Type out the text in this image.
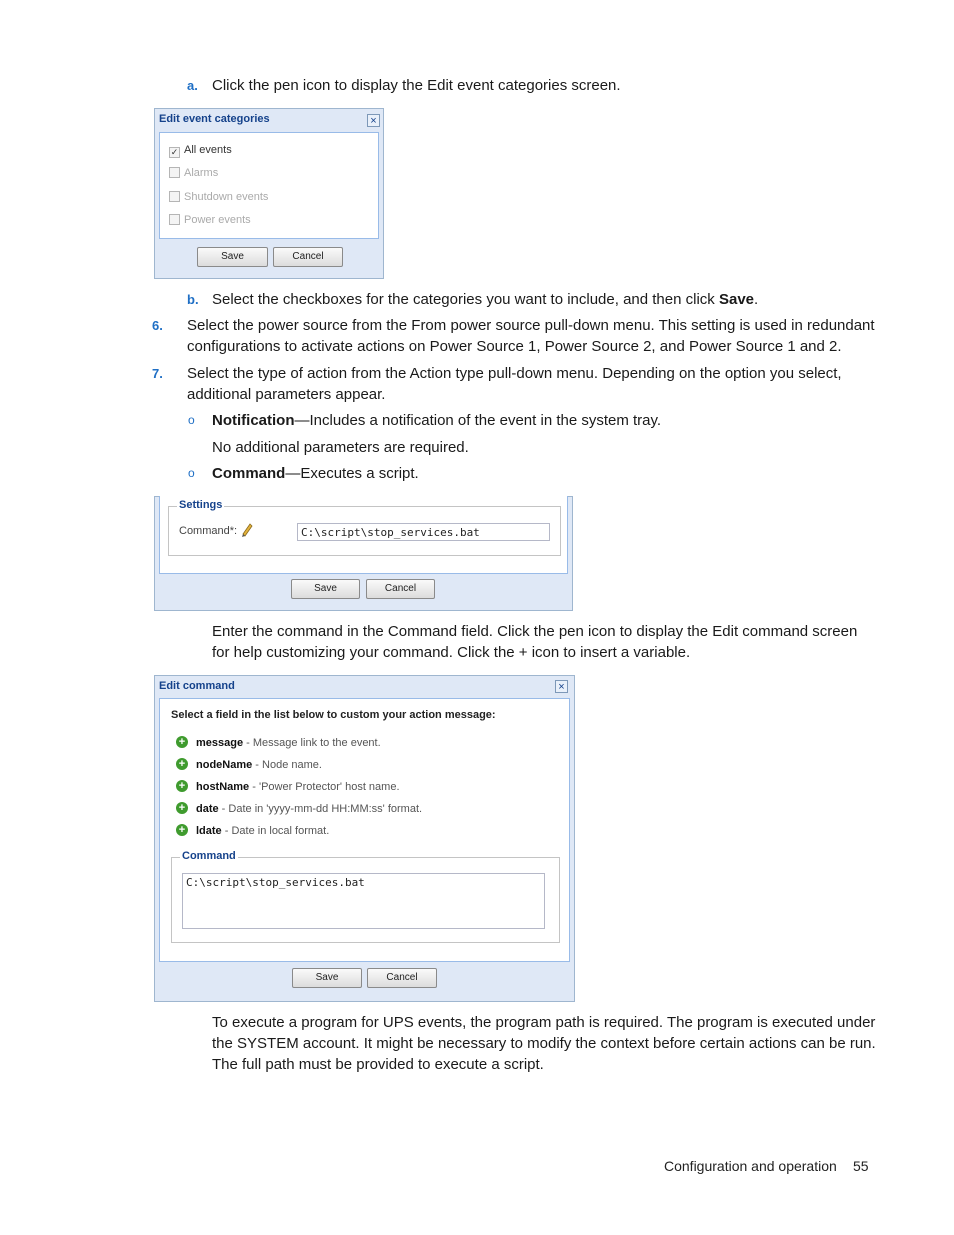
a. Click the pen icon to display the Edit event categories screen.

Edit event categories	×
✓ All events
Alarms
Shutdown events
Power events
Save	Cancel
b. Select the checkboxes for the categories you want to include, and then click Save.

6. Select the power source from the From power source pull-down menu. This setting is used in redundant configurations to activate actions on Power Source 1, Power Source 2, and Power Source 1 and 2.

7. Select the type of action from the Action type pull-down menu. Depending on the option you select, additional parameters appear.

o Notification—Includes a notification of the event in the system tray.

No additional parameters are required.

o Command—Executes a script.

Settings
Command*:	C:\script\stop_services.bat
Save	Cancel

Enter the command in the Command field. Click the pen icon to display the Edit command screen for help customizing your command. Click the + icon to insert a variable.

Edit command	×
Select a field in the list below to custom your action message:
+ message - Message link to the event.
+ nodeName - Node name.
+ hostName - 'Power Protector' host name.
+ date - Date in 'yyyy-mm-dd HH:MM:ss' format.
+ ldate - Date in local format.
Command
C:\script\stop_services.bat
Save	Cancel

To execute a program for UPS events, the program path is required. The program is executed under the SYSTEM account. It might be necessary to modify the context before certain actions can be run. The full path must be provided to execute a script.

Configuration and operation 55
